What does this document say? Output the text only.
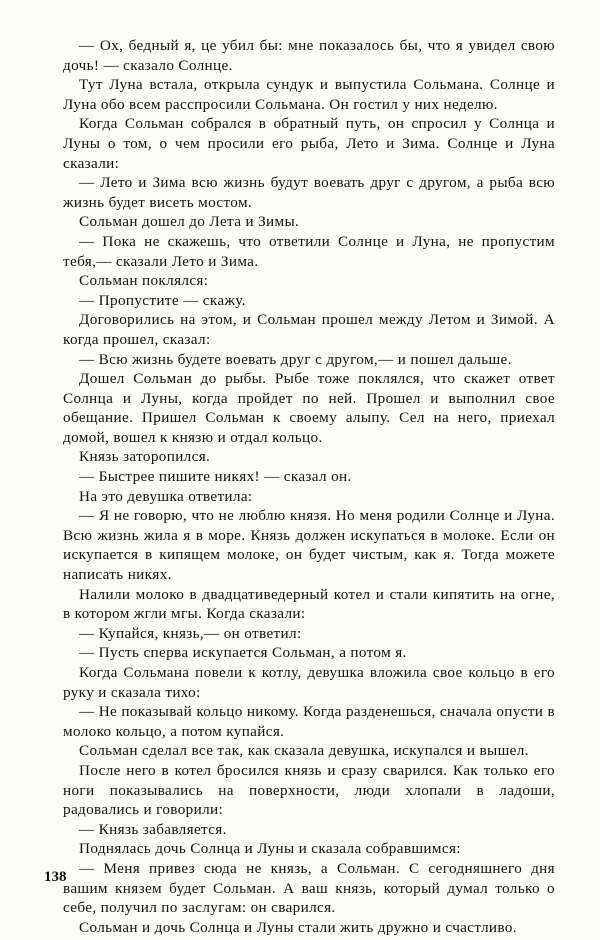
— Ох, бедный я, це убил бы: мне показалось бы, что я увидел свою дочь! — сказало Солнце.

Тут Луна встала, открыла сундук и выпустила Сольмана. Солнце и Луна обо всем расспросили Сольмана. Он гостил у них неделю.

Когда Сольман собрался в обратный путь, он спросил у Солнца и Луны о том, о чем просили его рыба, Лето и Зима. Солнце и Луна сказали:

— Лето и Зима всю жизнь будут воевать друг с другом, а рыба всю жизнь будет висеть мостом.

Сольман дошел до Лета и Зимы.

— Пока не скажешь, что ответили Солнце и Луна, не пропустим тебя,— сказали Лето и Зима.

Сольман поклялся:

— Пропустите — скажу.

Договорились на этом, и Сольман прошел между Летом и Зимой. А когда прошел, сказал:

— Всю жизнь будете воевать друг с другом,— и пошел дальше.

Дошел Сольман до рыбы. Рыбе тоже поклялся, что скажет ответ Солнца и Луны, когда пройдет по ней. Прошел и выполнил свое обещание. Пришел Сольман к своему алыпу. Сел на него, приехал домой, вошел к князю и отдал кольцо.

Князь заторопился.

— Быстрее пишите никях! — сказал он.

На это девушка ответила:

— Я не говорю, что не люблю князя. Но меня родили Солнце и Луна. Всю жизнь жила я в море. Князь должен искупаться в молоке. Если он искупается в кипящем молоке, он будет чистым, как я. Тогда можете написать никях.

Налили молоко в двадцативедерный котел и стали кипятить на огне, в котором жгли мгы. Когда сказали:

— Купайся, князь,— он ответил:

— Пусть сперва искупается Сольман, а потом я.

Когда Сольмана повели к котлу, девушка вложила свое кольцо в его руку и сказала тихо:

— Не показывай кольцо никому. Когда разденешься, сначала опусти в молоко кольцо, а потом купайся.

Сольман сделал все так, как сказала девушка, искупался и вышел.

После него в котел бросился князь и сразу сварился. Как только его ноги показывались на поверхности, люди хлопали в ладоши, радовались и говорили:

— Князь забавляется.

Поднялась дочь Солнца и Луны и сказала собравшимся:

— Меня привез сюда не князь, а Сольман. С сегодняшнего дня вашим князем будет Сольман. А ваш князь, который думал только о себе, получил по заслугам: он сварился.

Сольман и дочь Солнца и Луны стали жить дружно и счастливо.

138
